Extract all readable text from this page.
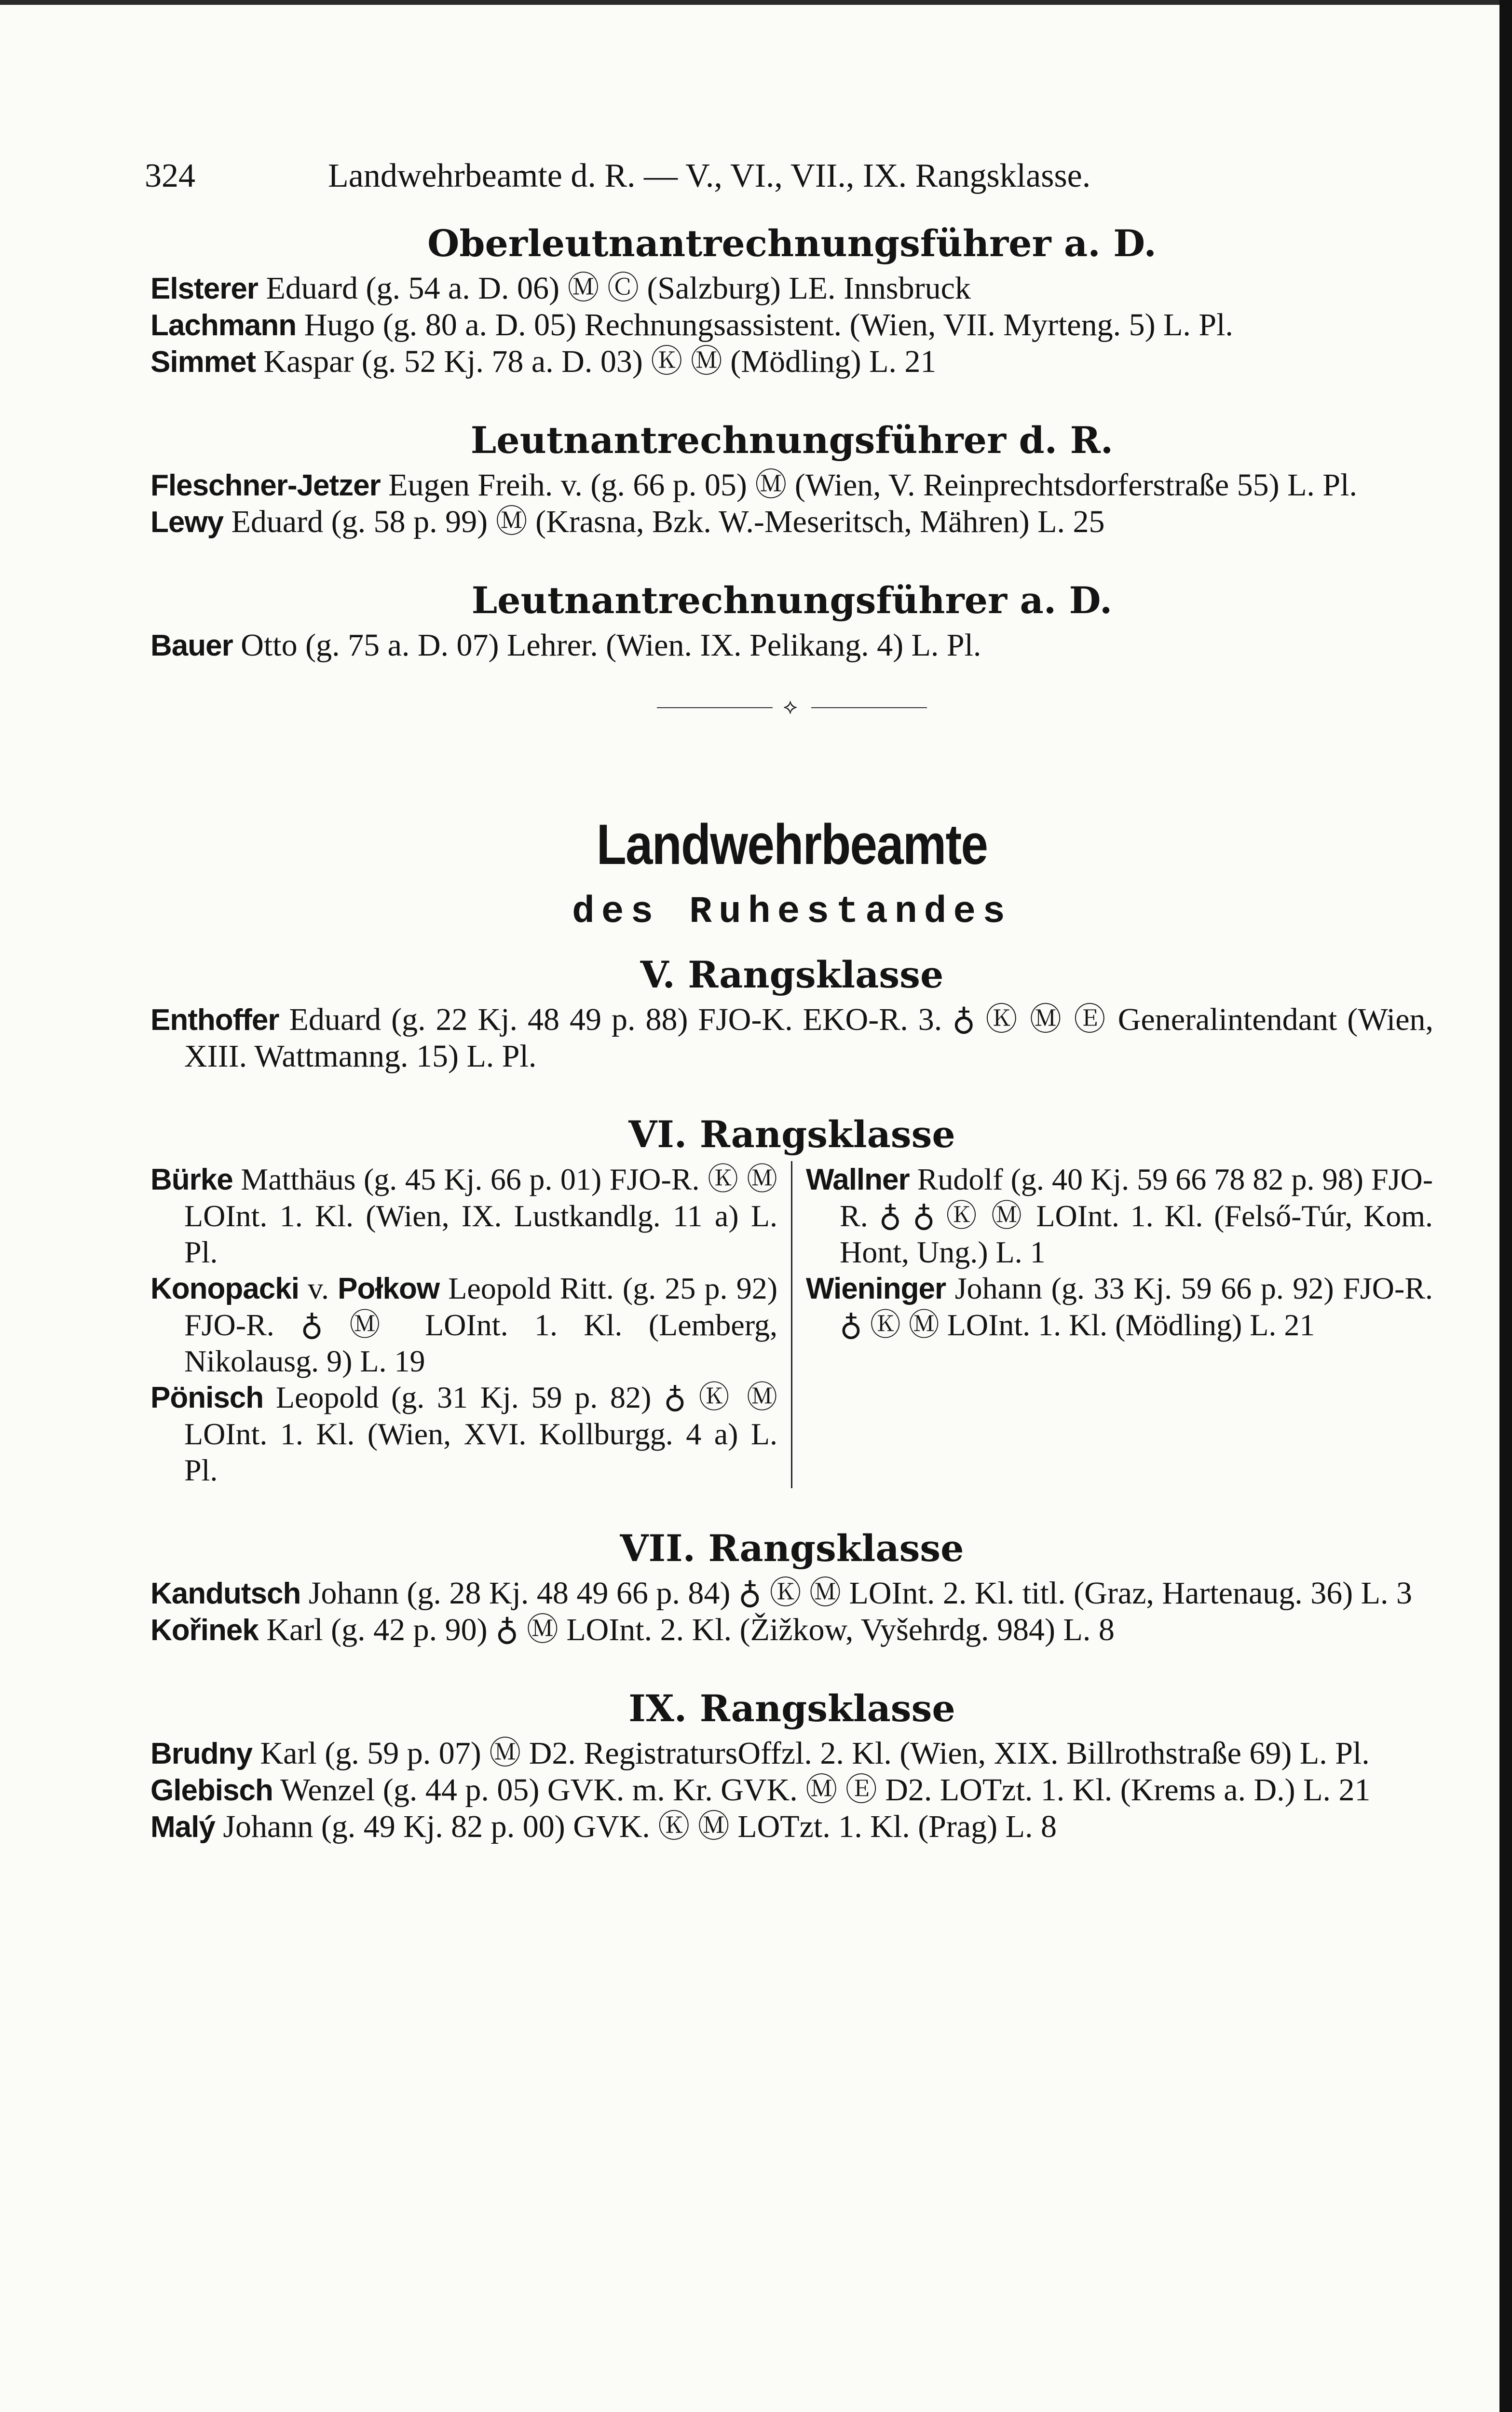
324	Landwehrbeamte d. R. — V., VI., VII., IX. Rangsklasse.
Oberleutnantrechnungsführer a. D.

Elsterer Eduard (g. 54 a. D. 06) Ⓜ Ⓒ (Salzburg) LE. Innsbruck

Lachmann Hugo (g. 80 a. D. 05) Rechnungsassistent. (Wien, VII. Myrteng. 5) L. Pl.

Simmet Kaspar (g. 52 Kj. 78 a. D. 03) Ⓚ Ⓜ (Mödling) L. 21

Leutnantrechnungsführer d. R.

Fleschner-Jetzer Eugen Freih. v. (g. 66 p. 05) Ⓜ (Wien, V. Reinprechtsdorferstraße 55) L. Pl.

Lewy Eduard (g. 58 p. 99) Ⓜ (Krasna, Bzk. W.-Meseritsch, Mähren) L. 25

Leutnantrechnungsführer a. D.

Bauer Otto (g. 75 a. D. 07) Lehrer. (Wien. IX. Pelikang. 4) L. Pl.

⟡
Landwehrbeamte
des Ruhestandes
V. Rangsklasse

Enthoffer Eduard (g. 22 Kj. 48 49 p. 88) FJO-K. EKO-R. 3. ♁ Ⓚ Ⓜ Ⓔ Generalintendant (Wien, XIII. Wattmanng. 15) L. Pl.

VI. Rangsklasse

Bürke Matthäus (g. 45 Kj. 66 p. 01) FJO-R. Ⓚ Ⓜ LOInt. 1. Kl. (Wien, IX. Lustkandlg. 11 a) L. Pl.

Konopacki v. Połkow Leopold Ritt. (g. 25 p. 92) FJO-R. ♁ Ⓜ LOInt. 1. Kl. (Lemberg, Nikolausg. 9) L. 19

Pönisch Leopold (g. 31 Kj. 59 p. 82) ♁ Ⓚ Ⓜ LOInt. 1. Kl. (Wien, XVI. Kollburgg. 4 a) L. Pl.

Wallner Rudolf (g. 40 Kj. 59 66 78 82 p. 98) FJO-R. ♁ ♁ Ⓚ Ⓜ LOInt. 1. Kl. (Felső-Túr, Kom. Hont, Ung.) L. 1

Wieninger Johann (g. 33 Kj. 59 66 p. 92) FJO-R. ♁ Ⓚ Ⓜ LOInt. 1. Kl. (Mödling) L. 21

VII. Rangsklasse

Kandutsch Johann (g. 28 Kj. 48 49 66 p. 84) ♁ Ⓚ Ⓜ LOInt. 2. Kl. titl. (Graz, Hartenaug. 36) L. 3

Kořinek Karl (g. 42 p. 90) ♁ Ⓜ LOInt. 2. Kl. (Žižkow, Vyšehrdg. 984) L. 8

IX. Rangsklasse

Brudny Karl (g. 59 p. 07) Ⓜ D2. RegistratursOffzl. 2. Kl. (Wien, XIX. Billrothstraße 69) L. Pl.

Glebisch Wenzel (g. 44 p. 05) GVK. m. Kr. GVK. Ⓜ Ⓔ D2. LOTzt. 1. Kl. (Krems a. D.) L. 21

Malý Johann (g. 49 Kj. 82 p. 00) GVK. Ⓚ Ⓜ LOTzt. 1. Kl. (Prag) L. 8
